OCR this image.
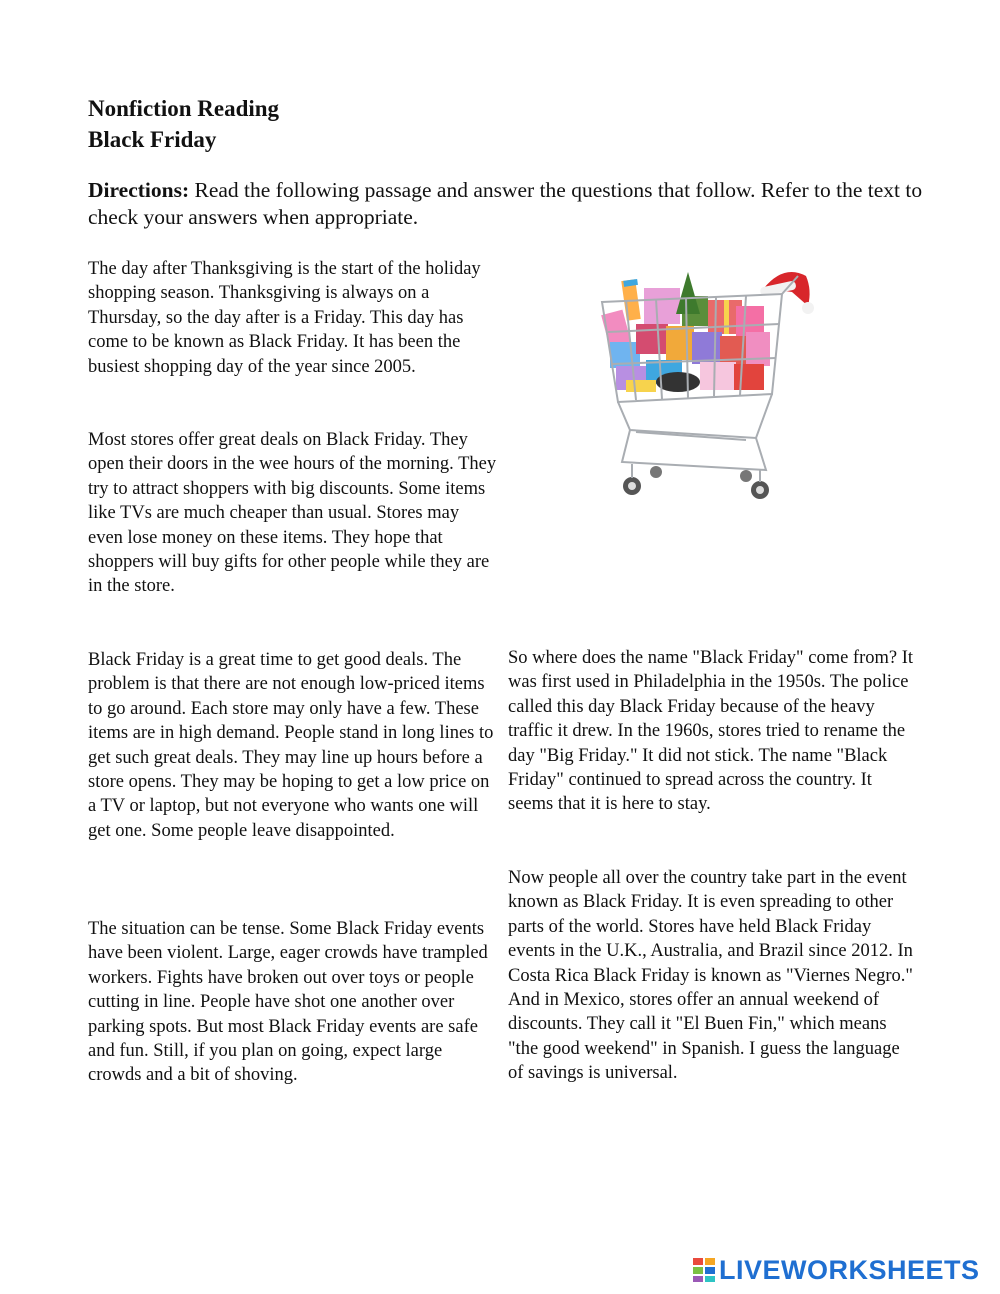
Nonfiction Reading
Black Friday
Directions: Read the following passage and answer the questions that follow. Refer to the text to check your answers when appropriate.

The day after Thanksgiving is the start of the holiday shopping season. Thanksgiving is always on a Thursday, so the day after is a Friday. This day has come to be known as Black Friday. It has been the busiest shopping day of the year since 2005.

Most stores offer great deals on Black Friday. They open their doors in the wee hours of the morning. They try to attract shoppers with big discounts. Some items like TVs are much cheaper than usual. Stores may even lose money on these items. They hope that shoppers will buy gifts for other people while they are in the store.

Black Friday is a great time to get good deals. The problem is that there are not enough low-priced items to go around. Each store may only have a few. These items are in high demand. People stand in long lines to get such great deals. They may line up hours before a store opens. They may be hoping to get a low price on a TV or laptop, but not everyone who wants one will get one. Some people leave disappointed.

The situation can be tense. Some Black Friday events have been violent. Large, eager crowds have trampled workers. Fights have broken out over toys or people cutting in line. People have shot one another over parking spots. But most Black Friday events are safe and fun. Still, if you plan on going, expect large crowds and a bit of shoving.

So where does the name "Black Friday" come from? It was first used in Philadelphia in the 1950s. The police called this day Black Friday because of the heavy traffic it drew. In the 1960s, stores tried to rename the day "Big Friday." It did not stick. The name "Black Friday" continued to spread across the country. It seems that it is here to stay.

Now people all over the country take part in the event known as Black Friday. It is even spreading to other parts of the world. Stores have held Black Friday events in the U.K., Australia, and Brazil since 2012. In Costa Rica Black Friday is known as "Viernes Negro." And in Mexico, stores offer an annual weekend of discounts. They call it "El Buen Fin," which means "the good weekend" in Spanish. I guess the language of savings is universal.

LIVEWORKSHEETS
